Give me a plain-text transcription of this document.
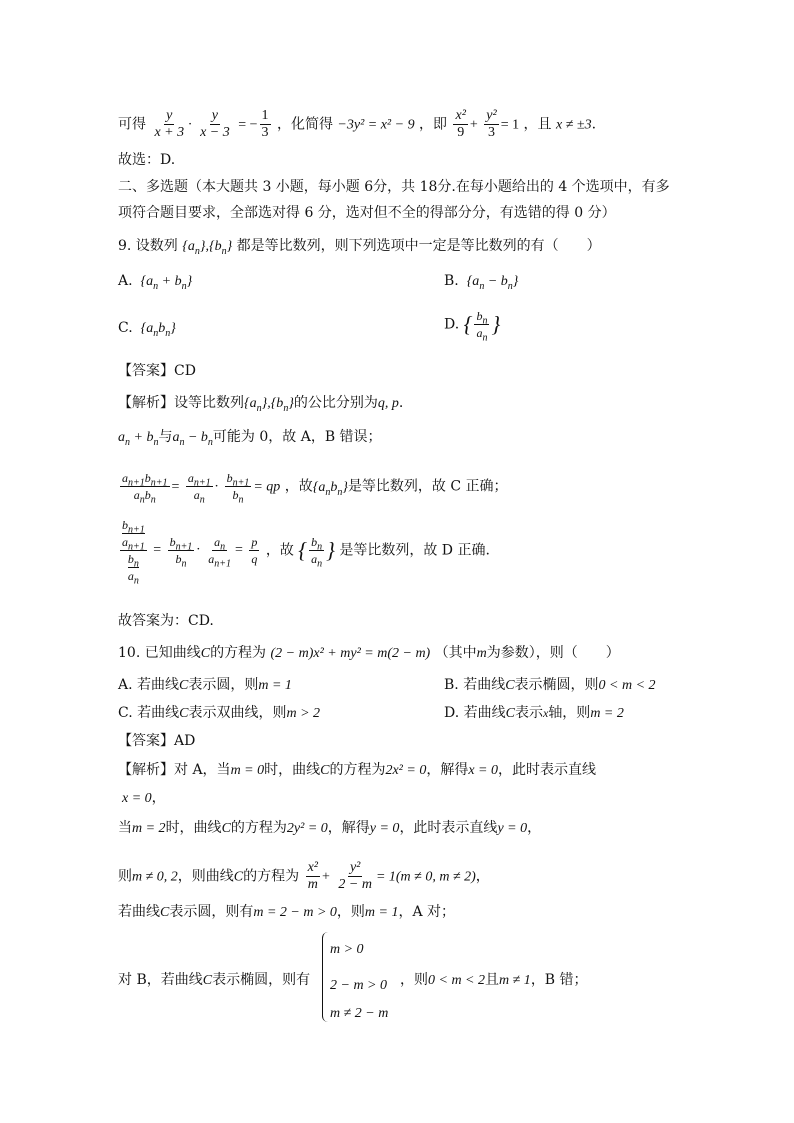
可得 $\frac{y}{x + 3} \cdot \frac{y}{x - 3}$ = − $\frac{1}{3}$ ，化简得 −3y² = x² − 9 ，即 $\frac{\text{x²}}{9} + \frac{\text{y²}}{3} = 1$ ，且 x ≠ ±3.
故选：D.
二、多选题（本大题共 3 小题，每小题 6分，共 18分.在每小题给出的 4 个选项中，有多
项符合题目要求，全部选对得 6 分，选对但不全的得部分分，有选错的得 0 分）
9. 设数列 $\{a_n\},\{b_n\}$ 都是等比数列，则下列选项中一定是等比数列的有（　　）
A.  $\{a_n + b_n\}$	B.  $\{a_n - b_n\}$
C.  $\{a_nb_n\}$	D. { $\frac{b_n}{a_n}$ }
【答案】CD
【解析】设等比数列$\{a_n\},\{b_n\}$的公比分别为q, p.
$a_n + b_n$与$a_n - b_n$可能为 0，故 A，B 错误；
$\frac{a_{n+1}b_{n+1}}{a_nb_n} = \frac{a_{n+1}}{a_n} \cdot \frac{b_{n+1}}{b_n}$ = qp ，故$\{a_nb_n\}$是等比数列，故 C 正确；
$b_{n+1}$
$a_{n+1}$
$b_n$
$a_n = \frac{b_{n+1}}{b_n} \cdot \frac{a_n}{a_{n+1}} = \frac{p}{q}$ ，故 { $\frac{b_n}{a_n}$ } 是等比数列，故 D 正确.
故答案为：CD.
10. 已知曲线C的方程为 (2 − m)x² + my² = m(2 − m) （其中m为参数），则（　　）
A. 若曲线C表示圆，则m = 1	B. 若曲线C表示椭圆，则0 < m < 2
C. 若曲线C表示双曲线，则m > 2	D. 若曲线C表示x轴，则m = 2
【答案】AD
【解析】对 A，当m = 0时，曲线C的方程为2x² = 0，解得x = 0，此时表示直线
x = 0，
当m = 2时，曲线C的方程为2y² = 0，解得y = 0，此时表示直线y = 0，
则m ≠ 0, 2，则曲线C的方程为 $\frac{\text{x²}}{m} + \frac{\text{y²}}{2 - m} = 1(m \ne 0$, m ≠ 2)，
若曲线C表示圆，则有m = 2 − m > 0，则m = 1，A 对；
m > 0
2 − m > 0
m ≠ 2 − m
对 B，若曲线C表示椭圆，则有	，则0 < m < 2且m ≠ 1，B 错；
